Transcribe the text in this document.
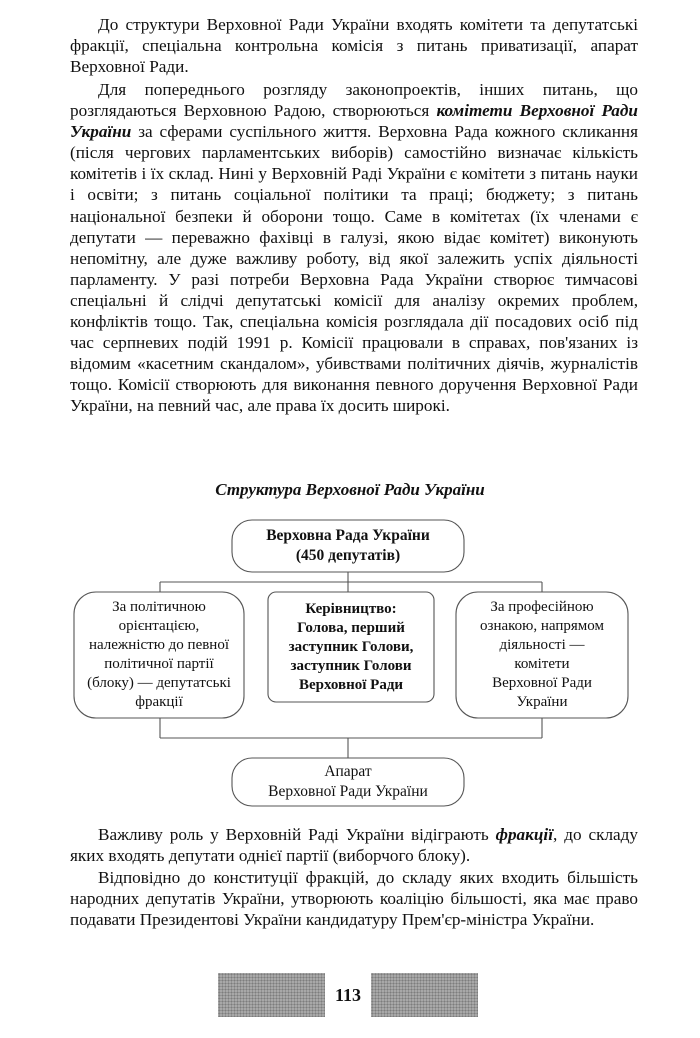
До структури Верховної Ради України входять комітети та депутатські фракції, спеціальна контрольна комісія з питань приватизації, апарат Верховної Ради.

Для попереднього розгляду законопроектів, інших питань, що розглядаються Верховною Радою, створюються комітети Верховної Ради України за сферами суспільного життя. Верховна Рада кожного скликання (після чергових парламентських виборів) самостійно визначає кількість комітетів і їх склад. Нині у Верховній Раді України є комітети з питань науки і освіти; з питань соціальної політики та праці; бюджету; з питань національної безпеки й оборони тощо. Саме в комітетах (їх членами є депутати — переважно фахівці в галузі, якою відає комітет) виконують непомітну, але дуже важливу роботу, від якої залежить успіх діяльності парламенту. У разі потреби Верховна Рада України створює тимчасові спеціальні й слідчі депутатські комісії для аналізу окремих проблем, конфліктів тощо. Так, спеціальна комісія розглядала дії посадових осіб під час серпневих подій 1991 р. Комісії працювали в справах, пов'язаних із відомим «касетним скандалом», убивствами політичних діячів, журналістів тощо. Комісії створюють для виконання певного доручення Верховної Ради України, на певний час, але права їх досить широкі.

Структура Верховної Ради України
Верховна Рада України
(450 депутатів)
За політичною
орієнтацією,
належністю до певної
політичної партії
(блоку) — депутатські
фракції
Керівництво:
Голова, перший
заступник Голови,
заступник Голови
Верховної Ради
За професійною
ознакою, напрямом
діяльності —
комітети
Верховної Ради
України
Апарат
Верховної Ради України

Важливу роль у Верховній Раді України відіграють фракції, до складу яких входять депутати однієї партії (виборчого блоку).

Відповідно до конституції фракцій, до складу яких входить більшість народних депутатів України, утворюють коаліцію більшості, яка має право подавати Президентові України кандидатуру Прем'єр-міністра України.

113
